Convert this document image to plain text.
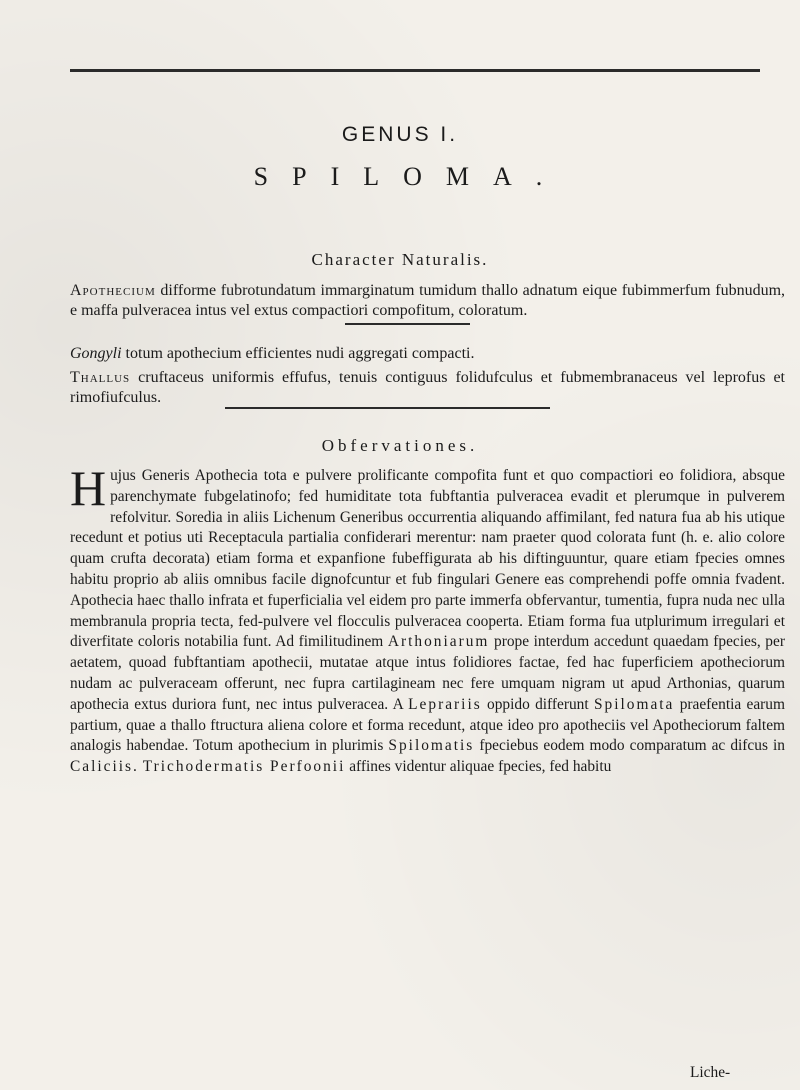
GENUS I.
SPILOMA.
Character Naturalis.
Apothecium difforme fubrotundatum immarginatum tumidum thallo adnatum eique fubimmerfum fubnudum, e maffa pulveracea intus vel extus compactiori compofitum, coloratum.
Gongyli totum apothecium efficientes nudi aggregati compacti.
Thallus cruftaceus uniformis effufus, tenuis contiguus folidufculus et fubmembranaceus vel leprofus et rimofiufculus.
Obfervationes.
H ujus Generis Apothecia tota e pulvere prolificante compofita funt et quo compactiori eo folidiora, absque parenchymate fubgelatinofo; fed humiditate tota fubftantia pulveracea evadit et plerumque in pulverem refolvitur. Soredia in aliis Lichenum Generibus occurrentia aliquando affimilant, fed natura fua ab his utique recedunt et potius uti Receptacula partialia confiderari merentur: nam praeter quod colorata funt (h. e. alio colore quam crufta decorata) etiam forma et expanfione fubeffigurata ab his diftinguuntur, quare etiam fpecies omnes habitu proprio ab aliis omnibus facile dignofcuntur et fub fingulari Genere eas comprehendi poffe omnia fvadent. Apothecia haec thallo infrata et fuperficialia vel eidem pro parte immerfa obfervantur, tumentia, fupra nuda nec ulla membranula propria tecta, fed-pulvere vel flocculis pulveracea cooperta. Etiam forma fua utplurimum irregulari et diverfitate coloris notabilia funt. Ad fimilitudinem Arthoniarum prope interdum accedunt quaedam fpecies, per aetatem, quoad fubftantiam apothecii, mutatae atque intus folidiores factae, fed hac fuperficiem apotheciorum nudam ac pulveraceam offerunt, nec fupra cartilagineam nec fere umquam nigram ut apud Arthonias, quarum apothecia extus duriora funt, nec intus pulveracea. A Leprariis oppido differunt Spilomata praefentia earum partium, quae a thallo ftructura aliena colore et forma recedunt, atque ideo pro apotheciis vel Apotheciorum faltem analogis habendae. Totum apothecium in plurimis Spilomatis fpeciebus eodem modo comparatum ac difcus in Caliciis. Trichodermatis Perfoonii affines videntur aliquae fpecies, fed habitu
Liche-
